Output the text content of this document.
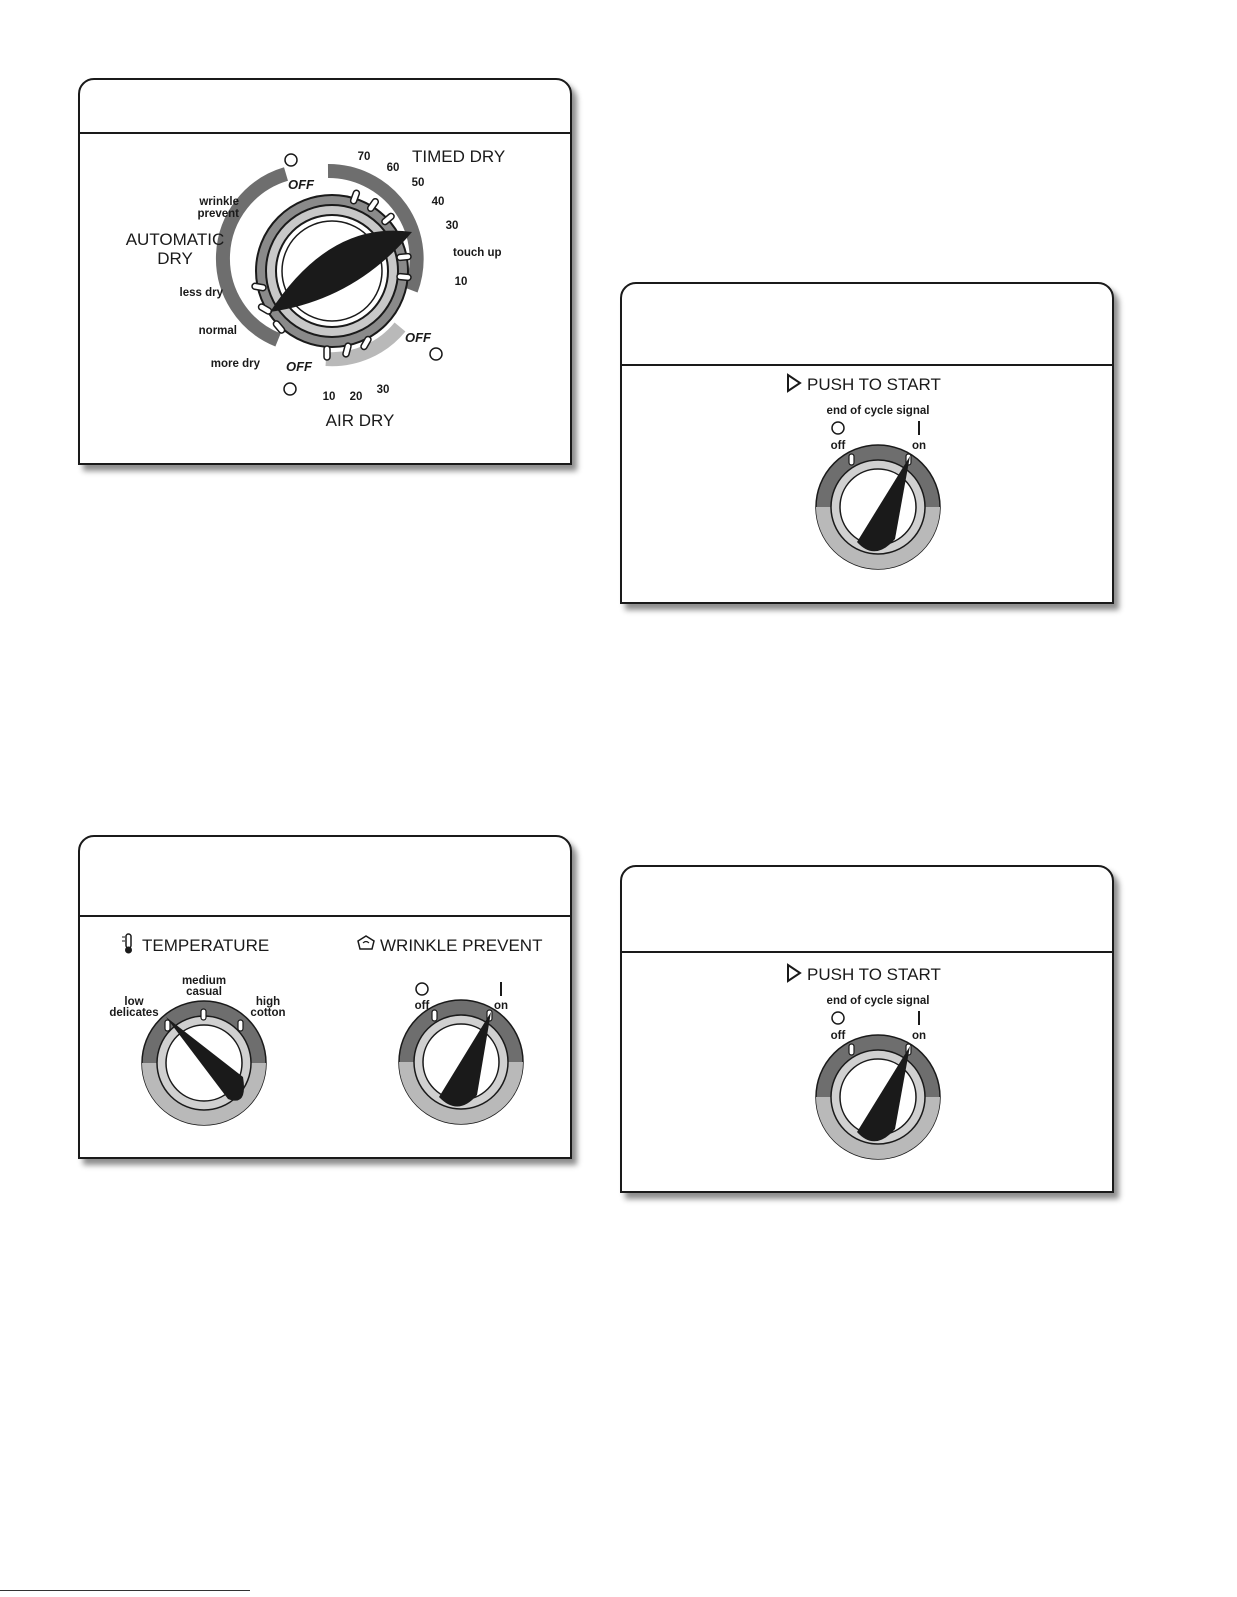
TIMED DRY
AUTOMATIC
DRY
AIR DRY
70
60
50
40
30
touch up
10
wrinkle
prevent
less dry
normal
more dry
10 20
30
OFF
OFF
OFF
PUSH TO START
end of cycle signal
off	on
TEMPERATURE
low
delicates
medium
casual
high
cotton
WRINKLE PREVENT
off	on
PUSH TO START
end of cycle signal
off	on
